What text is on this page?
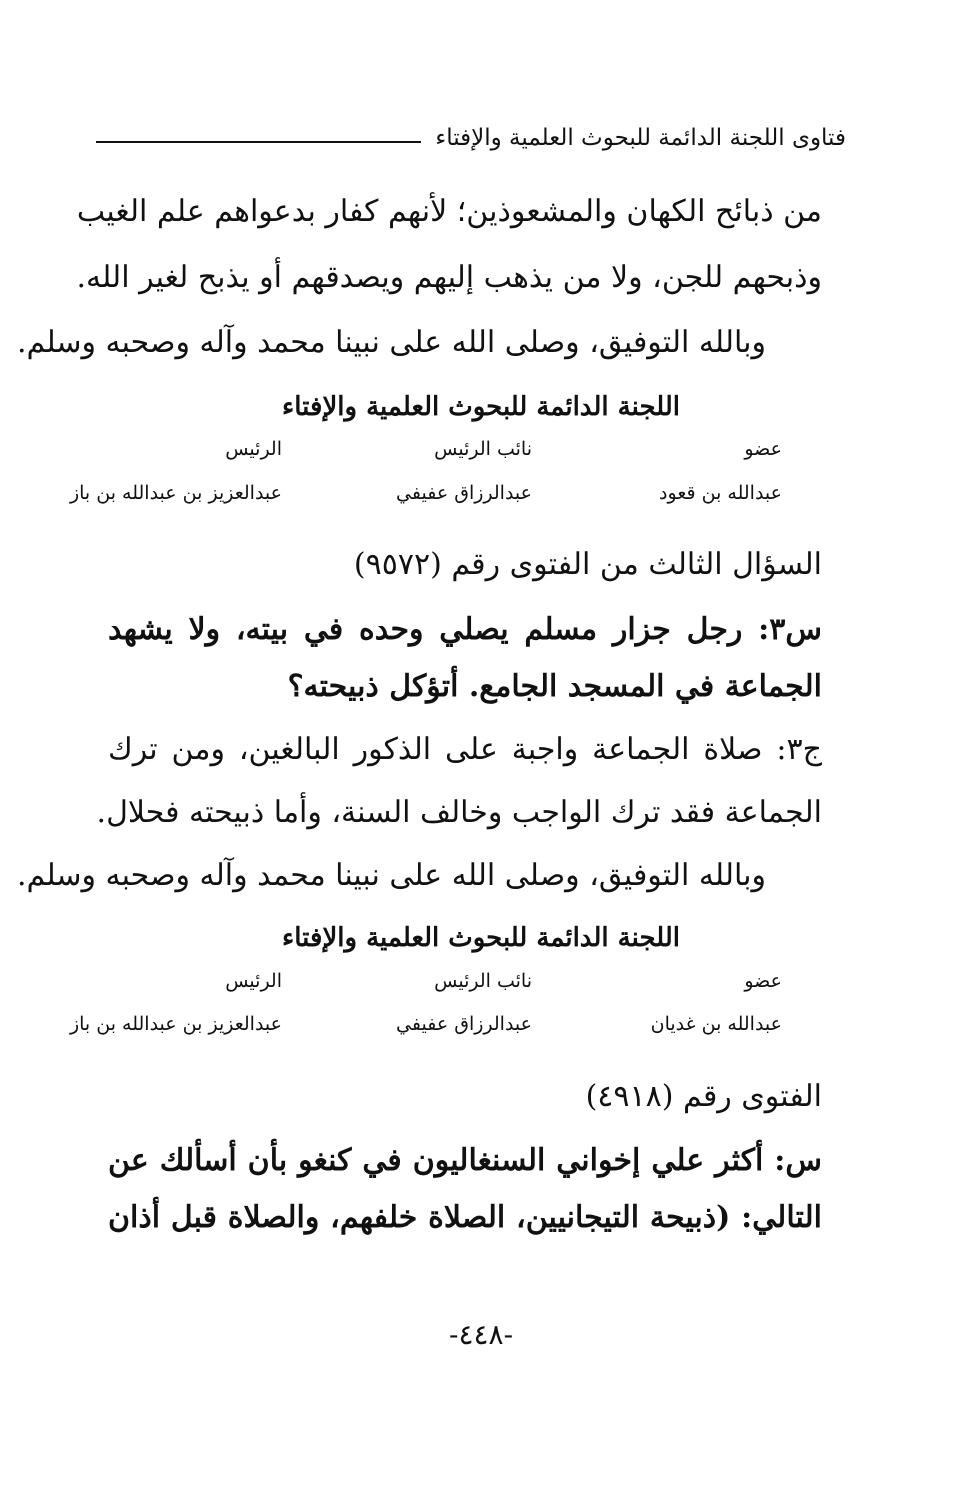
فتاوى اللجنة الدائمة للبحوث العلمية والإفتاء
من ذبائح الكهان والمشعوذين؛ لأنهم كفار بدعواهم علم الغيب
وذبحهم للجن، ولا من يذهب إليهم ويصدقهم أو يذبح لغير الله.
وبالله التوفيق، وصلى الله على نبينا محمد وآله وصحبه وسلم.
اللجنة الدائمة للبحوث العلمية والإفتاء
عضو
نائب الرئيس
الرئيس
عبدالله بن قعود
عبدالرزاق عفيفي
عبدالعزيز بن عبدالله بن باز
السؤال الثالث من الفتوى رقم (٩٥٧٢)
س٣: رجل جزار مسلم يصلي وحده في بيته، ولا يشهد
الجماعة في المسجد الجامع. أتؤكل ذبيحته؟
ج٣: صلاة الجماعة واجبة على الذكور البالغين، ومن ترك
الجماعة فقد ترك الواجب وخالف السنة، وأما ذبيحته فحلال.
وبالله التوفيق، وصلى الله على نبينا محمد وآله وصحبه وسلم.
اللجنة الدائمة للبحوث العلمية والإفتاء
عضو
نائب الرئيس
الرئيس
عبدالله بن غديان
عبدالرزاق عفيفي
عبدالعزيز بن عبدالله بن باز
الفتوى رقم (٤٩١٨)
س: أكثر علي إخواني السنغاليون في كنغو بأن أسألك عن
التالي: (ذبيحة التيجانيين، الصلاة خلفهم، والصلاة قبل أذان
-٤٤٨-
